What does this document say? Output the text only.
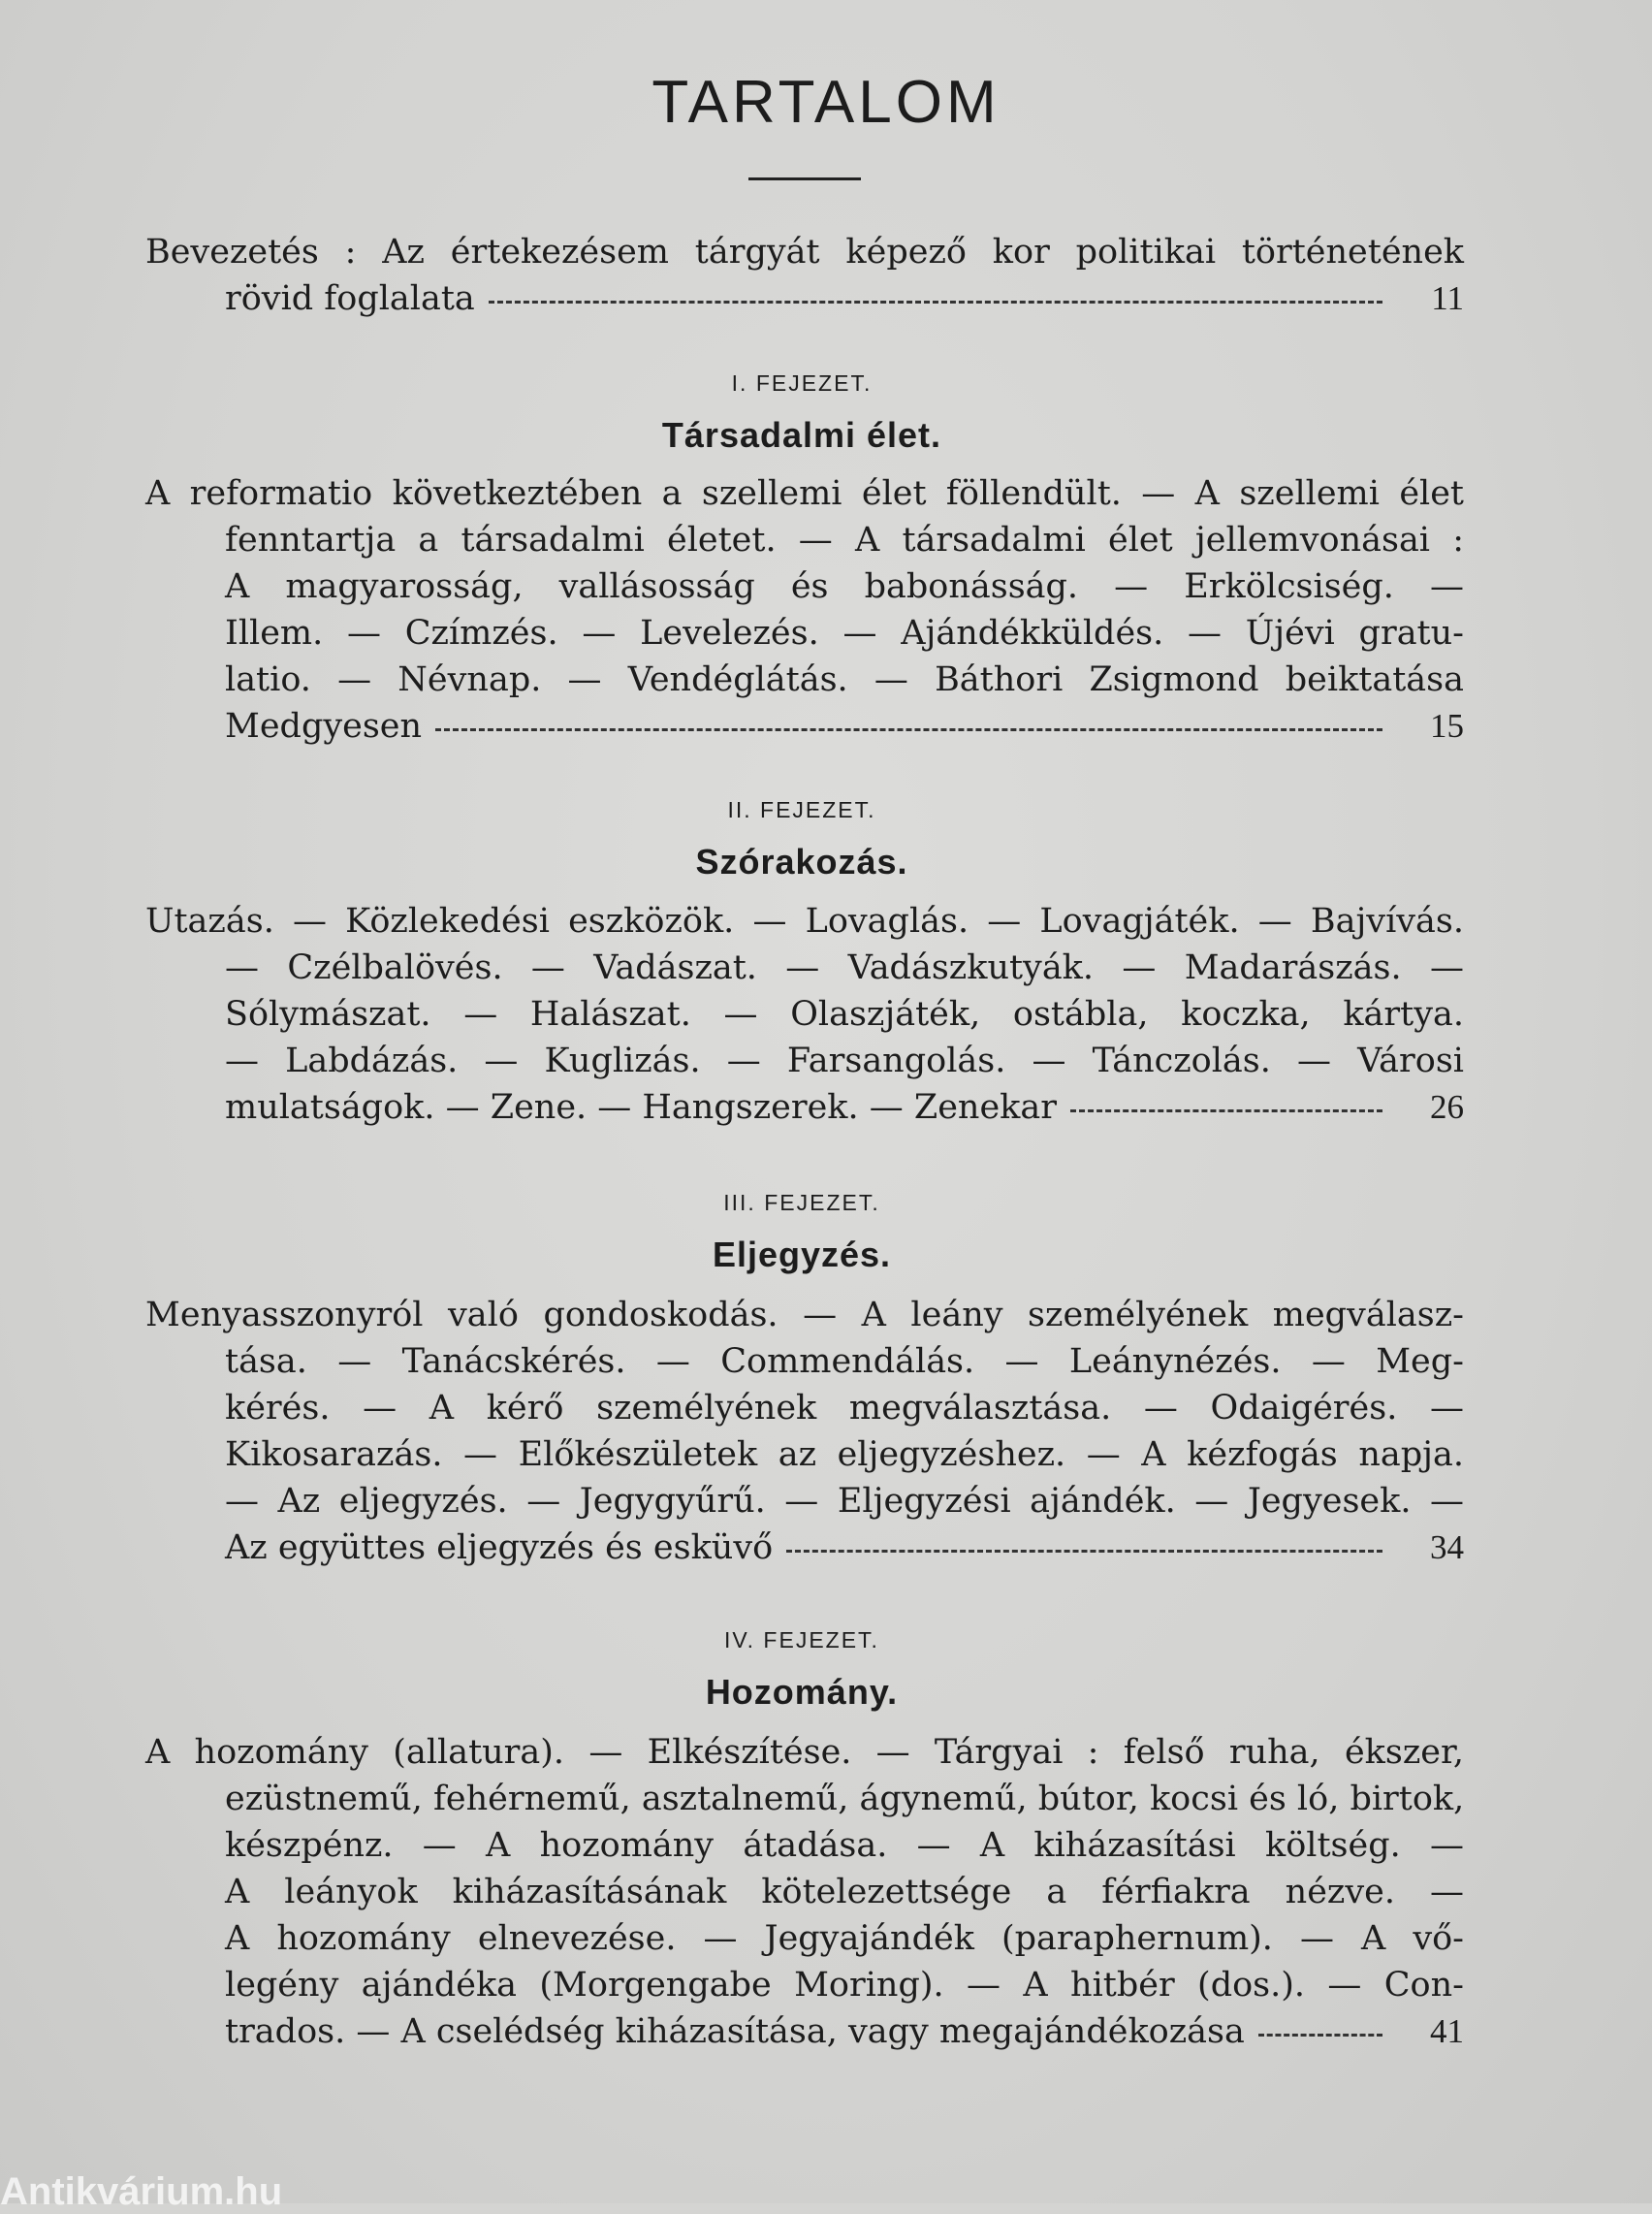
TARTALOM
Bevezetés : Az értekezésem tárgyát képező kor politikai történetének
rövid foglalata	11
I. FEJEZET.
Társadalmi élet.
A reformatio következtében a szellemi élet föllendült. — A szellemi élet
fenntartja a társadalmi életet. — A társadalmi élet jellemvonásai :
A magyarosság, vallásosság és babonásság. — Erkölcsiség. —
Illem. — Czímzés. — Levelezés. — Ajándékküldés. — Újévi gratu-
latio. — Névnap. — Vendéglátás. — Báthori Zsigmond beiktatása
Medgyesen	15
II. FEJEZET.
Szórakozás.
Utazás. — Közlekedési eszközök. — Lovaglás. — Lovagjáték. — Bajvívás.
— Czélbalövés. — Vadászat. — Vadászkutyák. — Madarászás. —
Sólymászat. — Halászat. — Olaszjáték, ostábla, koczka, kártya.
— Labdázás. — Kuglizás. — Farsangolás. — Tánczolás. — Városi
mulatságok. — Zene. — Hangszerek. — Zenekar	26
III. FEJEZET.
Eljegyzés.
Menyasszonyról való gondoskodás. — A leány személyének megválasz-
tása. — Tanácskérés. — Commendálás. — Leánynézés. — Meg-
kérés. — A kérő személyének megválasztása. — Odaigérés. —
Kikosarazás. — Előkészületek az eljegyzéshez. — A kézfogás napja.
— Az eljegyzés. — Jegygyűrű. — Eljegyzési ajándék. — Jegyesek. —
Az együttes eljegyzés és esküvő	34
IV. FEJEZET.
Hozomány.
A hozomány (allatura). — Elkészítése. — Tárgyai : felső ruha, ékszer,
ezüstnemű, fehérnemű, asztalnemű, ágynemű, bútor, kocsi és ló, birtok,
készpénz. — A hozomány átadása. — A kiházasítási költség. —
A leányok kiházasításának kötelezettsége a férfiakra nézve. —
A hozomány elnevezése. — Jegyajándék (paraphernum). — A vő-
legény ajándéka (Morgengabe Moring). — A hitbér (dos.). — Con-
trados. — A cselédség kiházasítása, vagy megajándékozása	41
Antikvárium.hu
